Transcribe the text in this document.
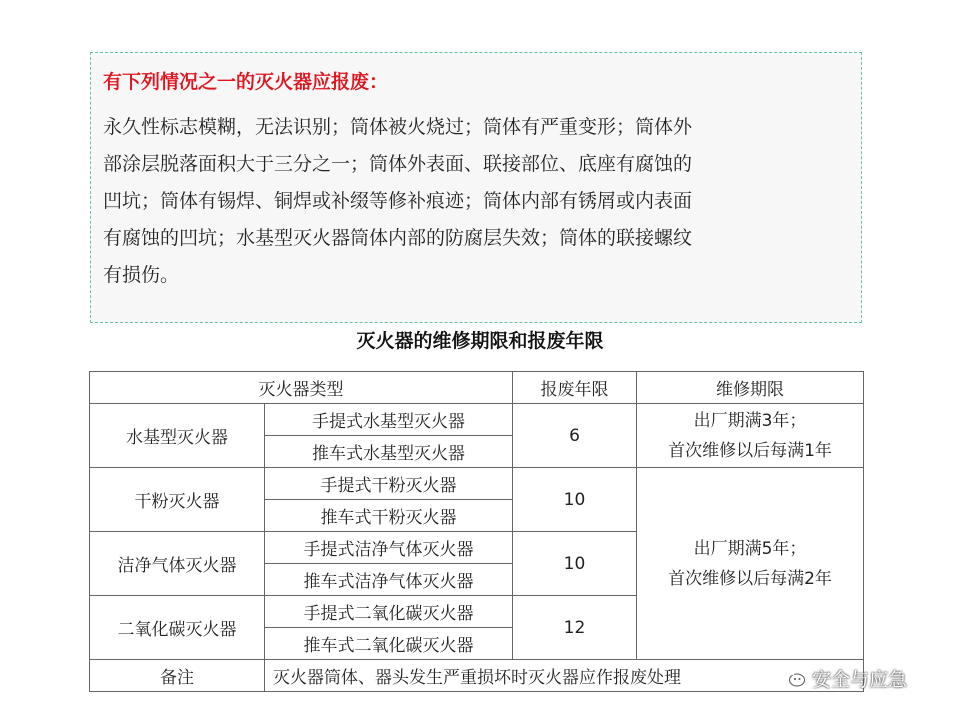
有下列情况之一的灭火器应报废：
永久性标志模糊，无法识别；筒体被火烧过；筒体有严重变形；筒体外
部涂层脱落面积大于三分之一；筒体外表面、联接部位、底座有腐蚀的
凹坑；筒体有锡焊、铜焊或补缀等修补痕迹；筒体内部有锈屑或内表面
有腐蚀的凹坑；水基型灭火器筒体内部的防腐层失效；筒体的联接螺纹
有损伤。
灭火器的维修期限和报废年限
灭火器类型		报废年限	维修期限
水基型灭火器	手提式水基型灭火器	6	出厂期满3年；
首次维修以后每满1年

	推车式水基型灭火器		
干粉灭火器	手提式干粉灭火器	10	出厂期满5年；
首次维修以后每满2年

	推车式干粉灭火器		
洁净气体灭火器	手提式洁净气体灭火器	10	
	推车式洁净气体灭火器		
二氧化碳灭火器	手提式二氧化碳灭火器	12	
	推车式二氧化碳灭火器		
备注	灭火器筒体、器头发生严重损坏时灭火器应作报废处理			安全与应急
